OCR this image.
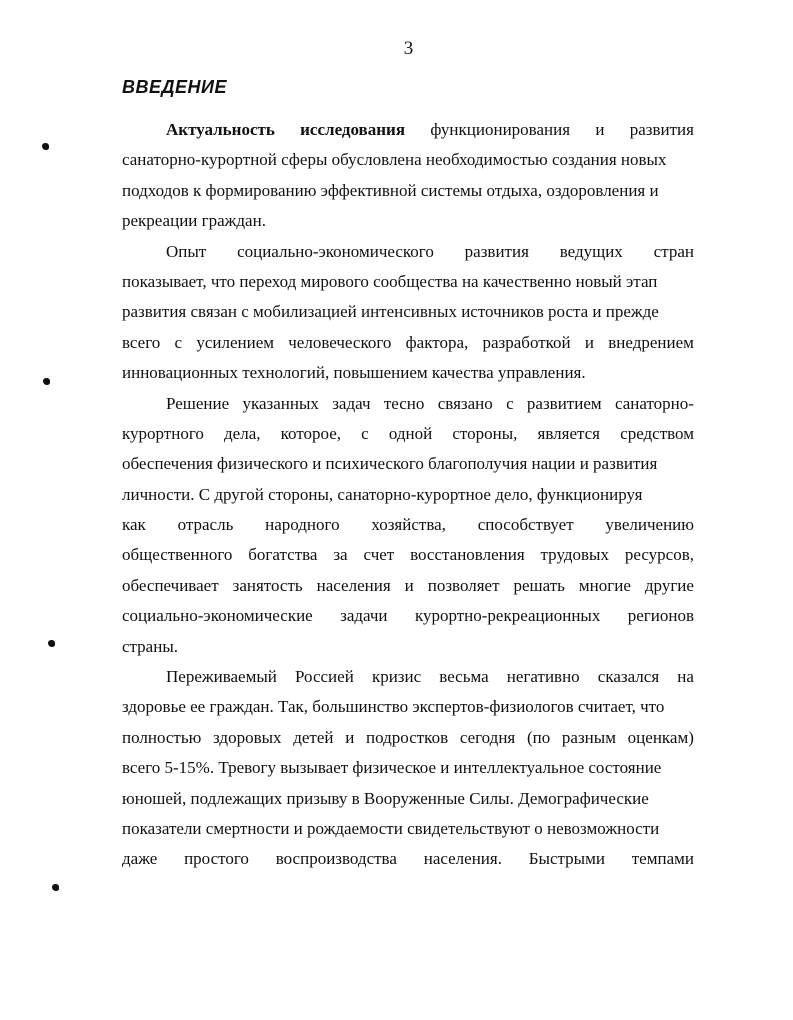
3
ВВЕДЕНИЕ
Актуальность исследования функционирования и развития
санаторно-курортной сферы обусловлена необходимостью создания новых
подходов к формированию эффективной системы отдыха, оздоровления и
рекреации граждан.
Опыт социально-экономического развития ведущих стран
показывает, что переход мирового сообщества на качественно новый этап
развития связан с мобилизацией интенсивных источников роста и прежде
всего с усилением человеческого фактора, разработкой и внедрением
инновационных технологий, повышением качества управления.
Решение указанных задач тесно связано с развитием санаторно-
курортного дела, которое, с одной стороны, является средством
обеспечения физического и психического благополучия нации и развития
личности. С другой стороны, санаторно-курортное дело, функционируя
как отрасль народного хозяйства, способствует увеличению
общественного богатства за счет восстановления трудовых ресурсов,
обеспечивает занятость населения и позволяет решать многие другие
социально-экономические задачи курортно-рекреационных регионов
страны.
Переживаемый Россией кризис весьма негативно сказался на
здоровье ее граждан. Так, большинство экспертов-физиологов считает, что
полностью здоровых детей и подростков сегодня (по разным оценкам)
всего 5-15%. Тревогу вызывает физическое и интеллектуальное состояние
юношей, подлежащих призыву в Вооруженные Силы. Демографические
показатели смертности и рождаемости свидетельствуют о невозможности
даже простого воспроизводства населения. Быстрыми темпами
